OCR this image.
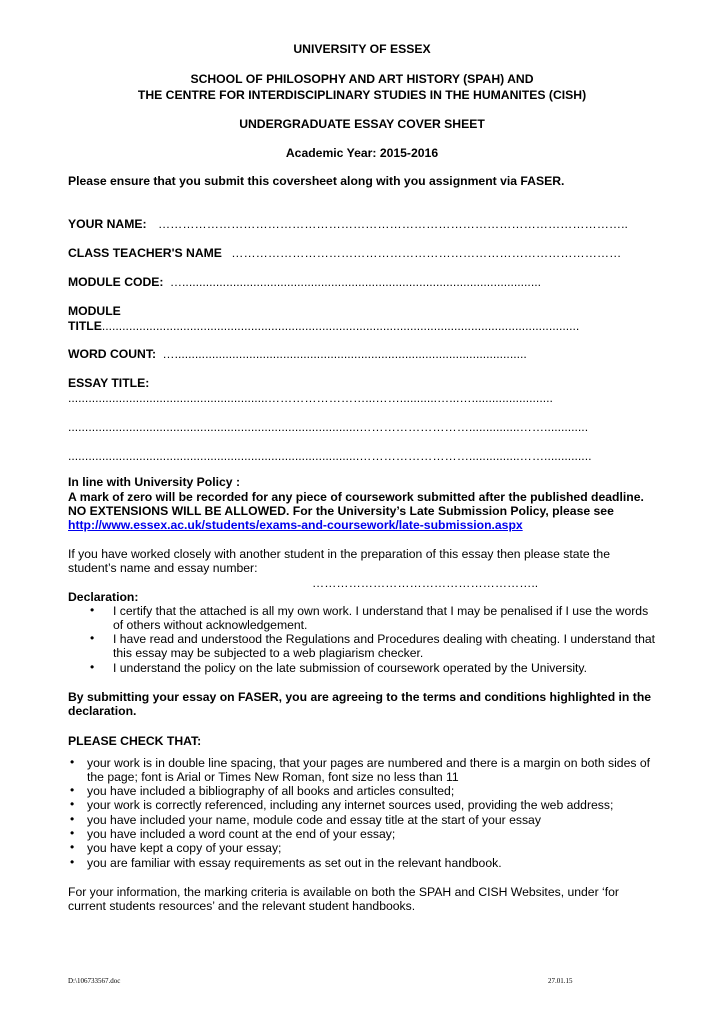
UNIVERSITY OF ESSEX
SCHOOL OF PHILOSOPHY AND ART HISTORY (SPAH) AND
THE CENTRE FOR INTERDISCIPLINARY STUDIES IN THE HUMANITES (CISH)
UNDERGRADUATE ESSAY COVER SHEET
Academic Year: 2015-2016
Please ensure that you submit this coversheet along with you assignment via FASER.
YOUR NAME: ……………………………………………………………………………………………………..
CLASS TEACHER'S NAME ……………………………………………………………………………………
MODULE CODE: …..........................................................................................................
MODULE
TITLE.............................................................................................................................................
WORD COUNT: …........................................................................................................
ESSAY TITLE:
...........................................................……………………...……...........…...…........................
......................................................................................………………………...............…….............
......................................................................................………………………...............……..............
In line with University Policy :
A mark of zero will be recorded for any piece of coursework submitted after the published deadline.
NO EXTENSIONS WILL BE ALLOWED. For the University’s Late Submission Policy, please see
http://www.essex.ac.uk/students/exams-and-coursework/late-submission.aspx
If you have worked closely with another student in the preparation of this essay then please state the
student’s name and essay number:
………………………………………………..
Declaration:
• I certify that the attached is all my own work. I understand that I may be penalised if I use the words
of others without acknowledgement.
• I have read and understood the Regulations and Procedures dealing with cheating. I understand that
this essay may be subjected to a web plagiarism checker.
• I understand the policy on the late submission of coursework operated by the University.
By submitting your essay on FASER, you are agreeing to the terms and conditions highlighted in the
declaration.
PLEASE CHECK THAT:
• your work is in double line spacing, that your pages are numbered and there is a margin on both sides of
the page; font is Arial or Times New Roman, font size no less than 11
• you have included a bibliography of all books and articles consulted;
• your work is correctly referenced, including any internet sources used, providing the web address;
• you have included your name, module code and essay title at the start of your essay
• you have included a word count at the end of your essay;
• you have kept a copy of your essay;
• you are familiar with essay requirements as set out in the relevant handbook.
For your information, the marking criteria is available on both the SPAH and CISH Websites, under ‘for
current students resources’ and the relevant student handbooks.
D:\106733567.doc	27.01.15
